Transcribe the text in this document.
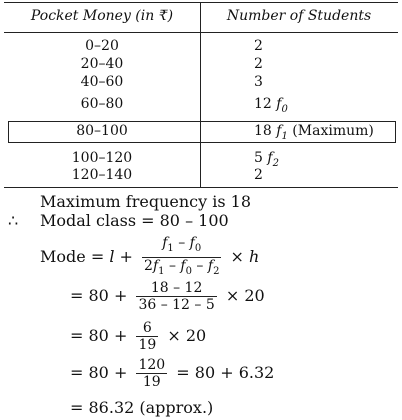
Pocket Money (in ₹)	Number of Students
0–20	2
20–40	2
40–60	3
60–80	12 $f_0$
80–100	18 $f_1$ (Maximum)
100–120	5 $f_2$
120–140	2
Maximum frequency is 18
∴ Modal class = 80 – 100
Mode = $l + \frac{f_1 - f_0}{2f_1 - f_0 - f_2} \times h$
= $80 + \frac{18 - 12}{36 - 12 - 5} \times 20$
= $80 + \frac{6}{19} \times 20$
= $80 + \frac{120}{19} = 80 + 6.32$
= 86.32 (approx.)
